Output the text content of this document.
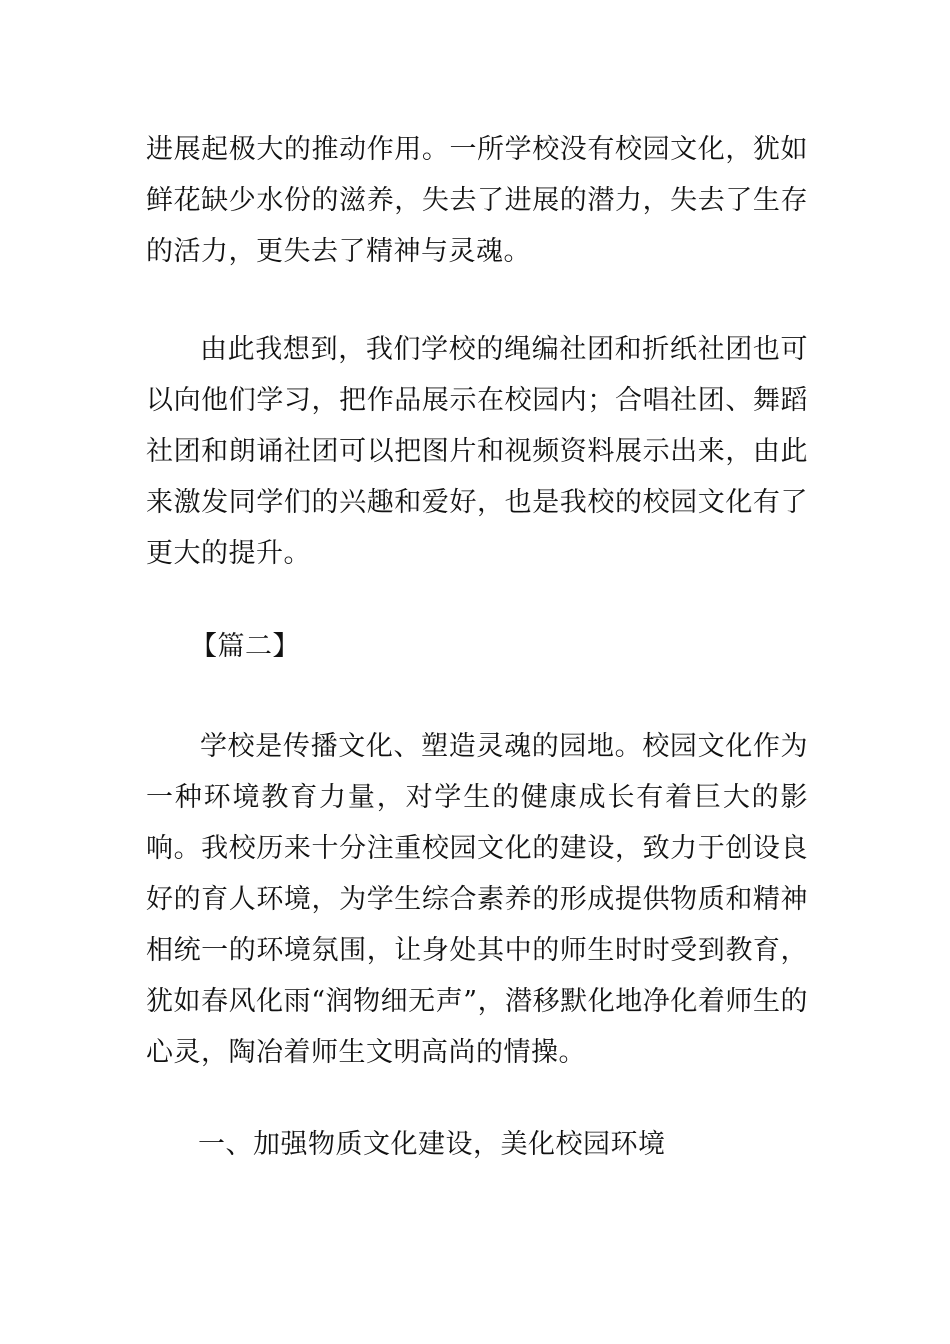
进展起极大的推动作用。一所学校没有校园文化，犹如鲜花缺少水份的滋养，失去了进展的潜力，失去了生存的活力，更失去了精神与灵魂。

由此我想到，我们学校的绳编社团和折纸社团也可以向他们学习，把作品展示在校园内；合唱社团、舞蹈社团和朗诵社团可以把图片和视频资料展示出来，由此来激发同学们的兴趣和爱好，也是我校的校园文化有了更大的提升。

【篇二】

学校是传播文化、塑造灵魂的园地。校园文化作为一种环境教育力量，对学生的健康成长有着巨大的影响。我校历来十分注重校园文化的建设，致力于创设良好的育人环境，为学生综合素养的形成提供物质和精神相统一的环境氛围，让身处其中的师生时时受到教育，犹如春风化雨“润物细无声”，潜移默化地净化着师生的心灵，陶冶着师生文明高尚的情操。

一、加强物质文化建设，美化校园环境
